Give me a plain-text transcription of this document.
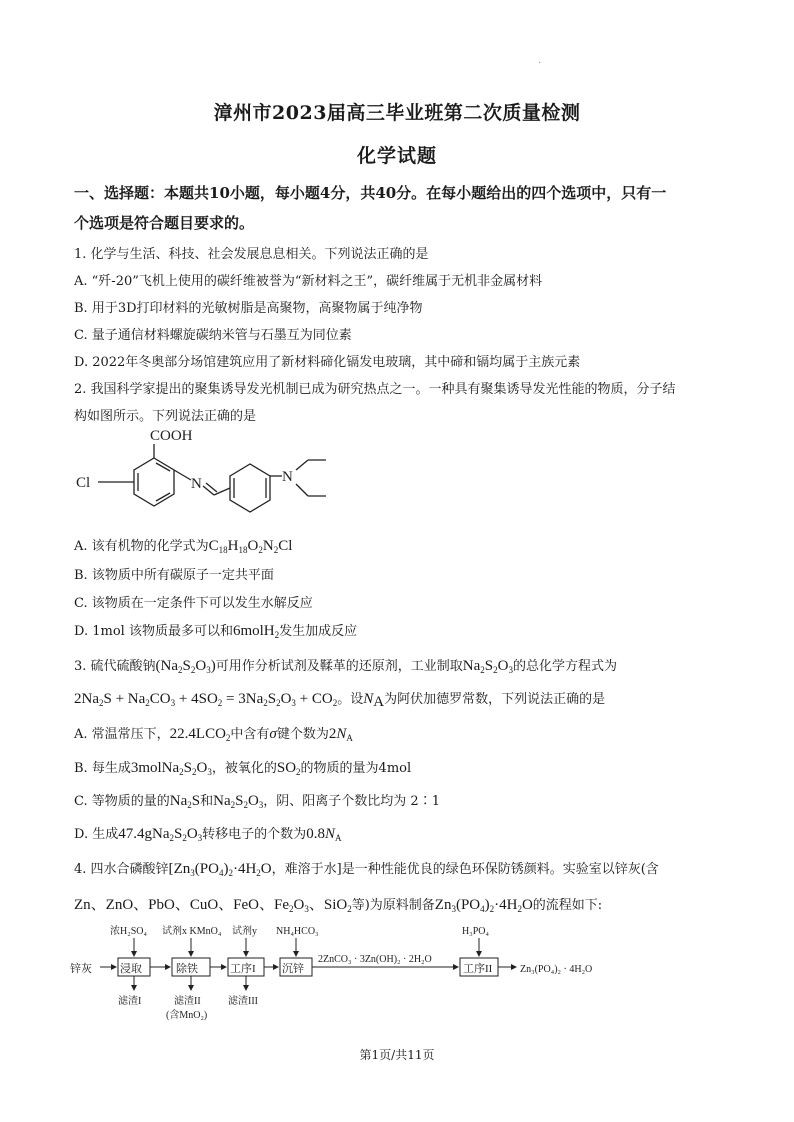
·
漳州市2023届高三毕业班第二次质量检测
化学试题
一、选择题：本题共10小题，每小题4分，共40分。在每小题给出的四个选项中，只有一
个选项是符合题目要求的。
1. 化学与生活、科技、社会发展息息相关。下列说法正确的是
A. “歼-20”飞机上使用的碳纤维被誉为“新材料之王”，碳纤维属于无机非金属材料
B. 用于3D打印材料的光敏树脂是高聚物，高聚物属于纯净物
C. 量子通信材料螺旋碳纳米管与石墨互为同位素
D. 2022年冬奥部分场馆建筑应用了新材料碲化镉发电玻璃，其中碲和镉均属于主族元素
2. 我国科学家提出的聚集诱导发光机制已成为研究热点之一。一种具有聚集诱导发光性能的物质，分子结
构如图所示。下列说法正确的是
COOH
Cl	N	N
A. 该有机物的化学式为$C_{18}H_{18}O_2N_2Cl$
B. 该物质中所有碳原子一定共平面
C. 该物质在一定条件下可以发生水解反应
D. 1mol 该物质最多可以和6molH$_2$发生加成反应
3. 硫代硫酸钠$(Na_2S_2O_3)$可用作分析试剂及鞣革的还原剂，工业制取$Na_2S_2O_3$的总化学方程式为
$2Na_2S + Na_2CO_3 + 4SO_2 = 3Na_2S_2O_3 + CO_2$。设$N_A$为阿伏加德罗常数，下列说法正确的是
A. 常温常压下，$22.4LCO_2$中含有σ键个数为$2N_A$
B. 每生成$3molNa_2S_2O_3$，被氧化的$SO_2$的物质的量为4mol
C. 等物质的量的$Na_2S$和$Na_2S_2O_3$，阴、阳离子个数比均为 2∶1
D. 生成$47.4gNa_2S_2O_3$转移电子的个数为$0.8N_A$
4. 四水合磷酸锌[$Zn_3(PO_4)_2\cdot 4H_2O$，难溶于水]是一种性能优良的绿色环保防锈颜料。实验室以锌灰(含
Zn、ZnO、PbO、CuO、FeO、$Fe_2O_3$、SiO$_2$等)为原料制备$Zn_3(PO_4)_2\cdot 4H_2O$的流程如下:
锌灰	浸取	除铁	工序I 沉锌	工序II
浓H₂SO₄ 试剂x KMnO₄ 试剂y NH₄HCO₃	H₃PO₄
2ZnCO₃ · 3Zn(OH)₂ · 2H₂O
Zn₃(PO₄)₂ · 4H₂O
滤渣I	滤渣II
(含MnO₂)
滤渣III
第1页/共11页
